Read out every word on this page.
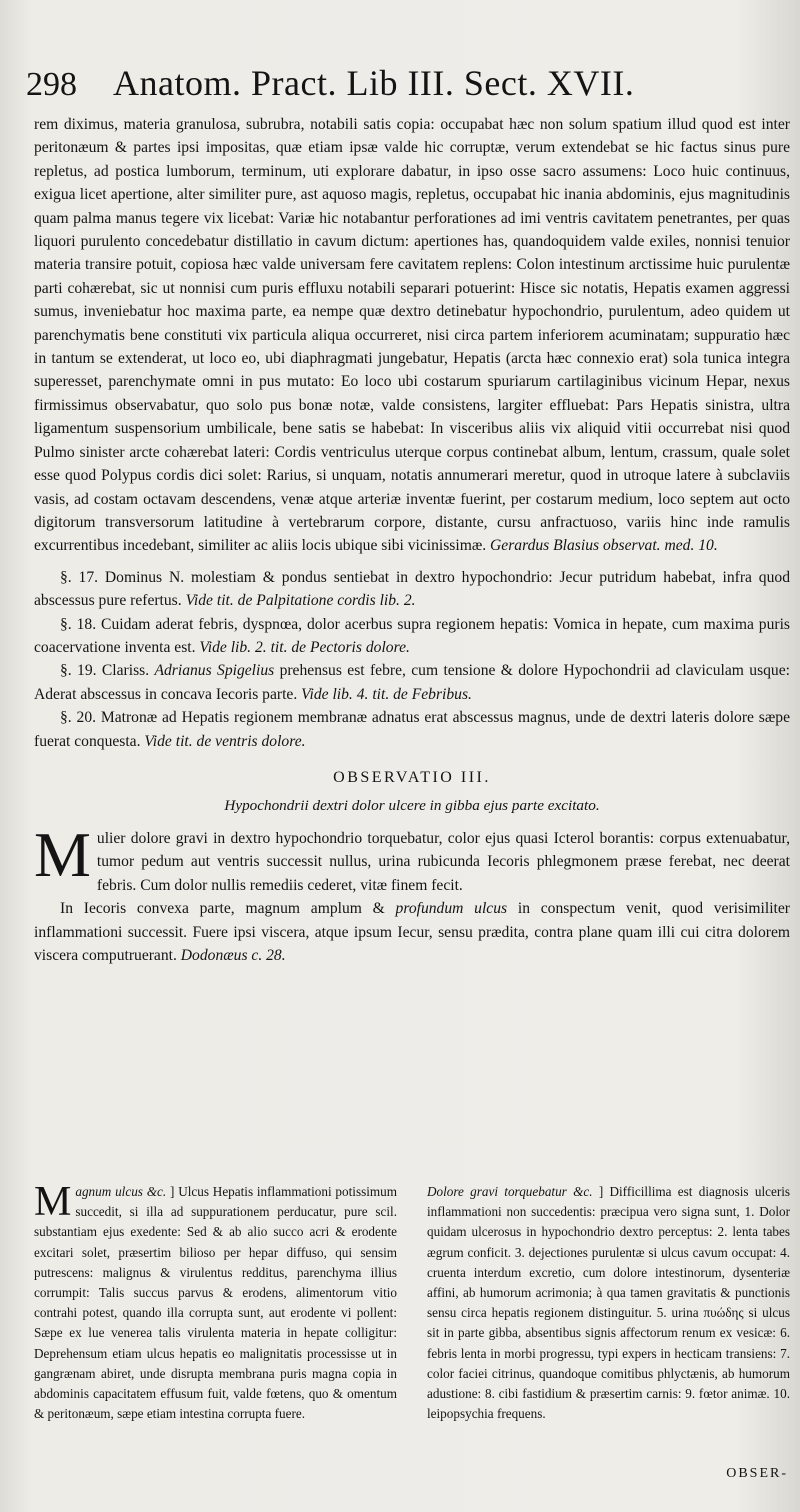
298 Anatom. Pract. Lib III. Sect. XVII.

rem diximus, materia granulosa, subrubra, notabili satis copia: occupabat hæc non solum spatium illud quod est inter peritonæum & partes ipsi impositas, quæ etiam ipsæ valde hic corruptæ, verum extendebat se hic factus sinus pure repletus, ad postica lumborum, terminum, uti explorare dabatur, in ipso osse sacro assumens: Loco huic continuus, exigua licet apertione, alter similiter pure, ast aquoso magis, repletus, occupabat hic inania abdominis, ejus magnitudinis quam palma manus tegere vix licebat: Variæ hic notabantur perforationes ad imi ventris cavitatem penetrantes, per quas liquori purulento concedebatur distillatio in cavum dictum: apertiones has, quandoquidem valde exiles, nonnisi tenuior materia transire potuit, copiosa hæc valde universam fere cavitatem replens: Colon intestinum arctissime huic purulentæ parti cohærebat, sic ut nonnisi cum puris effluxu notabili separari potuerint: Hisce sic notatis, Hepatis examen aggressi sumus, inveniebatur hoc maxima parte, ea nempe quæ dextro detinebatur hypochondrio, purulentum, adeo quidem ut parenchymatis bene constituti vix particula aliqua occurreret, nisi circa partem inferiorem acuminatam; suppuratio hæc in tantum se extenderat, ut loco eo, ubi diaphragmati jungebatur, Hepatis (arcta hæc connexio erat) sola tunica integra superesset, parenchymate omni in pus mutato: Eo loco ubi costarum spuriarum cartilaginibus vicinum Hepar, nexus firmissimus observabatur, quo solo pus bonæ notæ, valde consistens, largiter effluebat: Pars Hepatis sinistra, ultra ligamentum suspensorium umbilicale, bene satis se habebat: In visceribus aliis vix aliquid vitii occurrebat nisi quod Pulmo sinister arcte cohærebat lateri: Cordis ventriculus uterque corpus continebat album, lentum, crassum, quale solet esse quod Polypus cordis dici solet: Rarius, si unquam, notatis annumerari meretur, quod in utroque latere à subclaviis vasis, ad costam octavam descendens, venæ atque arteriæ inventæ fuerint, per costarum medium, loco septem aut octo digitorum transversorum latitudine à vertebrarum corpore, distante, cursu anfractuoso, variis hinc inde ramulis excurrentibus incedebant, similiter ac aliis locis ubique sibi vicinissimæ. Gerardus Blasius observat. med. 10.

§. 17. Dominus N. molestiam & pondus sentiebat in dextro hypochondrio: Jecur putridum habebat, infra quod abscessus pure refertus. Vide tit. de Palpitatione cordis lib. 2.

§. 18. Cuidam aderat febris, dyspnœa, dolor acerbus supra regionem hepatis: Vomica in hepate, cum maxima puris coacervatione inventa est. Vide lib. 2. tit. de Pectoris dolore.

§. 19. Clariss. Adrianus Spigelius prehensus est febre, cum tensione & dolore Hypochondrii ad claviculam usque: Aderat abscessus in concava Iecoris parte. Vide lib. 4. tit. de Febribus.

§. 20. Matronæ ad Hepatis regionem membranæ adnatus erat abscessus magnus, unde de dextri lateris dolore sæpe fuerat conquesta. Vide tit. de ventris dolore.

OBSERVATIO III.
Hypochondrii dextri dolor ulcere in gibba ejus parte excitato.

Mulier dolore gravi in dextro hypochondrio torquebatur, color ejus quasi Icterol borantis: corpus extenuabatur, tumor pedum aut ventris successit nullus, urina rubicunda Iecoris phlegmonem præse ferebat, nec deerat febris. Cum dolor nullis remediis cederet, vitæ finem fecit.

In Iecoris convexa parte, magnum amplum & profundum ulcus in conspectum venit, quod verisimiliter inflammationi successit. Fuere ipsi viscera, atque ipsum Iecur, sensu prædita, contra plane quam illi cui citra dolorem viscera computruerant. Dodonæus c. 28.

Magnum ulcus &c. ] Ulcus Hepatis inflammationi potissimum succedit, si illa ad suppurationem perducatur, pure scil. substantiam ejus exedente: Sed & ab alio succo acri & erodente excitari solet, præsertim bilioso per hepar diffuso, qui sensim putrescens: malignus & virulentus redditus, parenchyma illius corrumpit: Talis succus parvus & erodens, alimentorum vitio contrahi potest, quando illa corrupta sunt, aut erodente vi pollent: Sæpe ex lue venerea talis virulenta materia in hepate colligitur: Deprehensum etiam ulcus hepatis eo malignitatis processisse ut in gangrænam abiret, unde disrupta membrana puris magna copia in abdominis capacitatem effusum fuit, valde fœtens, quo & omentum & peritonæum, sæpe etiam intestina corrupta fuere.

Dolore gravi torquebatur &c. ] Difficillima est diagnosis ulceris inflammationi non succedentis: præcipua vero signa sunt, 1. Dolor quidam ulcerosus in hypochondrio dextro perceptus: 2. lenta tabes ægrum conficit. 3. dejectiones purulentæ si ulcus cavum occupat: 4. cruenta interdum excretio, cum dolore intestinorum, dysenteriæ affini, ab humorum acrimonia; à qua tamen gravitatis & punctionis sensu circa hepatis regionem distinguitur. 5. urina πυώδης si ulcus sit in parte gibba, absentibus signis affectorum renum ex vesicæ: 6. febris lenta in morbi progressu, typi expers in hecticam transiens: 7. color faciei citrinus, quandoque comitibus phlyctænis, ab humorum adustione: 8. cibi fastidium & præsertim carnis: 9. fœtor animæ. 10. leipopsychia frequens.

OBSER-
